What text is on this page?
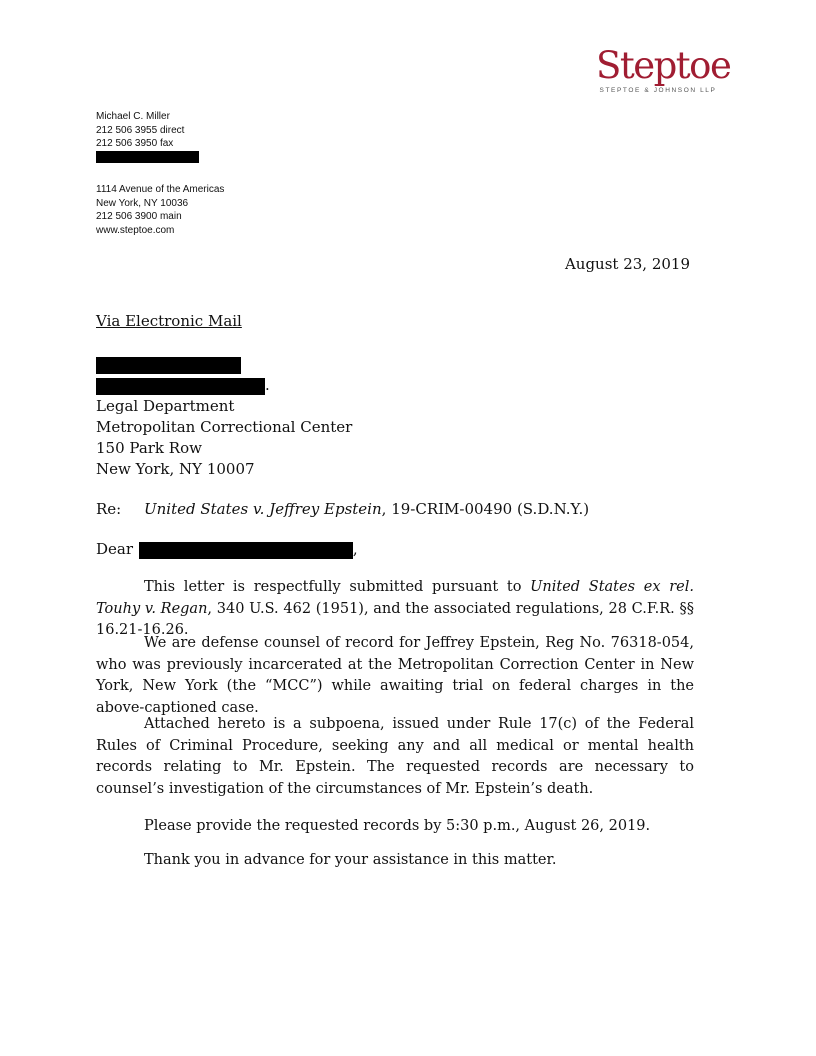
Steptoe
STEPTOE & JOHNSON LLP
Michael C. Miller
212 506 3955 direct
212 506 3950 fax
1114 Avenue of the Americas
New York, NY 10036
212 506 3900 main
www.steptoe.com
August 23, 2019
Via Electronic Mail
.
Legal Department
Metropolitan Correctional Center
150 Park Row
New York, NY 10007
Re: United States v. Jeffrey Epstein, 19-CRIM-00490 (S.D.N.Y.)
Dear	,
This letter is respectfully submitted pursuant to United States ex rel. Touhy v. Regan, 340 U.S. 462 (1951), and the associated regulations, 28 C.F.R. §§ 16.21-16.26.
We are defense counsel of record for Jeffrey Epstein, Reg No. 76318-054, who was previously incarcerated at the Metropolitan Correction Center in New York, New York (the “MCC”) while awaiting trial on federal charges in the above-captioned case.
Attached hereto is a subpoena, issued under Rule 17(c) of the Federal Rules of Criminal Procedure, seeking any and all medical or mental health records relating to Mr. Epstein. The requested records are necessary to counsel’s investigation of the circumstances of Mr. Epstein’s death.
Please provide the requested records by 5:30 p.m., August 26, 2019.
Thank you in advance for your assistance in this matter.
